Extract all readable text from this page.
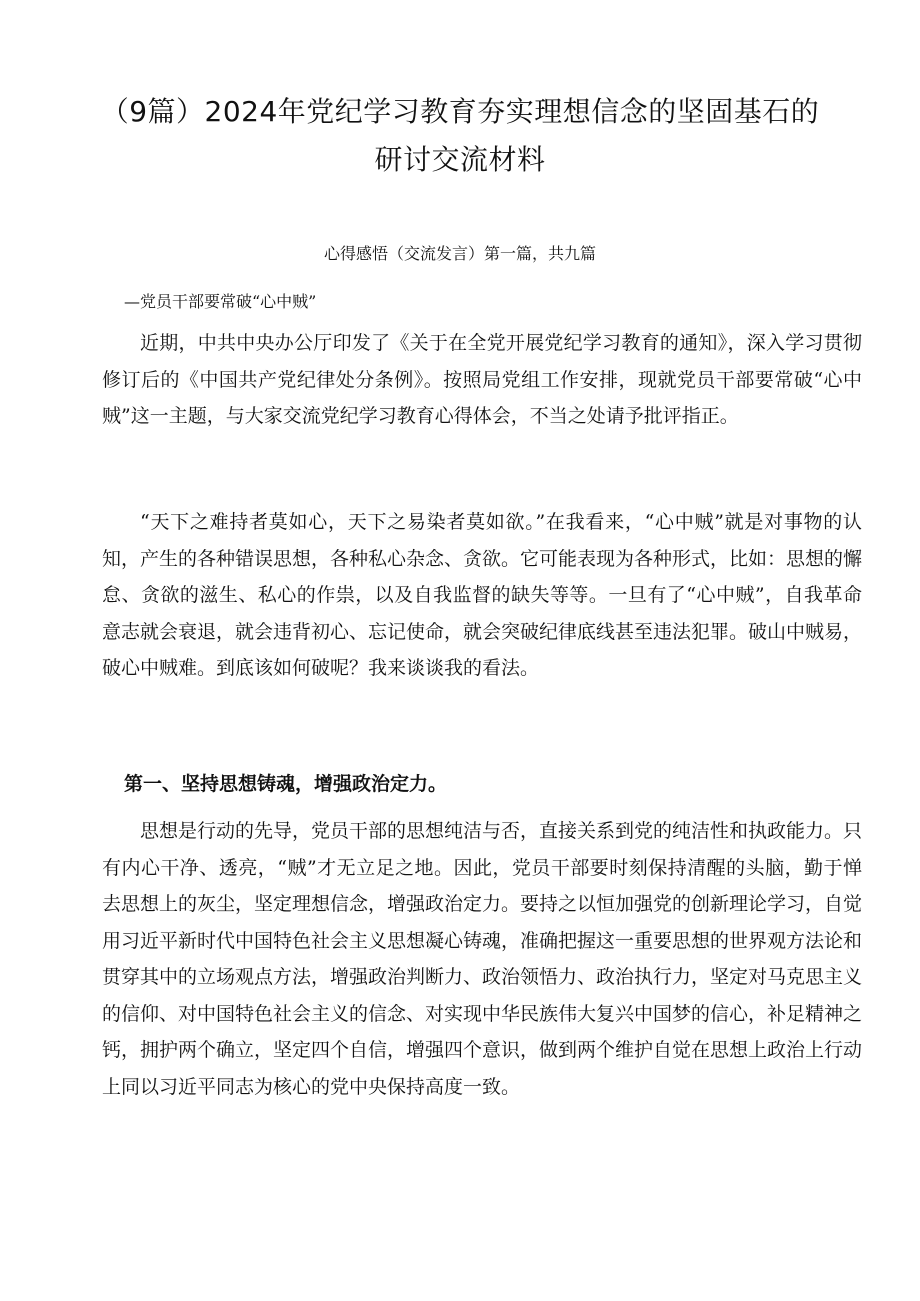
（9篇）2024年党纪学习教育夯实理想信念的坚固基石的研讨交流材料
心得感悟（交流发言）第一篇，共九篇
—党员干部要常破“心中贼”

近期，中共中央办公厅印发了《关于在全党开展党纪学习教育的通知》，深入学习贯彻修订后的《中国共产党纪律处分条例》。按照局党组工作安排，现就党员干部要常破“心中贼”这一主题，与大家交流党纪学习教育心得体会，不当之处请予批评指正。

“天下之难持者莫如心，天下之易染者莫如欲。”在我看来，“心中贼”就是对事物的认知，产生的各种错误思想，各种私心杂念、贪欲。它可能表现为各种形式，比如：思想的懈怠、贪欲的滋生、私心的作祟，以及自我监督的缺失等等。一旦有了“心中贼”，自我革命意志就会衰退，就会违背初心、忘记使命，就会突破纪律底线甚至违法犯罪。破山中贼易，破心中贼难。到底该如何破呢？我来谈谈我的看法。

第一、坚持思想铸魂，增强政治定力。

思想是行动的先导，党员干部的思想纯洁与否，直接关系到党的纯洁性和执政能力。只有内心干净、透亮，“贼”才无立足之地。因此，党员干部要时刻保持清醒的头脑，勤于惮去思想上的灰尘，坚定理想信念，增强政治定力。要持之以恒加强党的创新理论学习，自觉用习近平新时代中国特色社会主义思想凝心铸魂，准确把握这一重要思想的世界观方法论和贯穿其中的立场观点方法，增强政治判断力、政治领悟力、政治执行力，坚定对马克思主义的信仰、对中国特色社会主义的信念、对实现中华民族伟大复兴中国梦的信心，补足精神之钙，拥护两个确立，坚定四个自信，增强四个意识，做到两个维护自觉在思想上政治上行动上同以习近平同志为核心的党中央保持高度一致。
